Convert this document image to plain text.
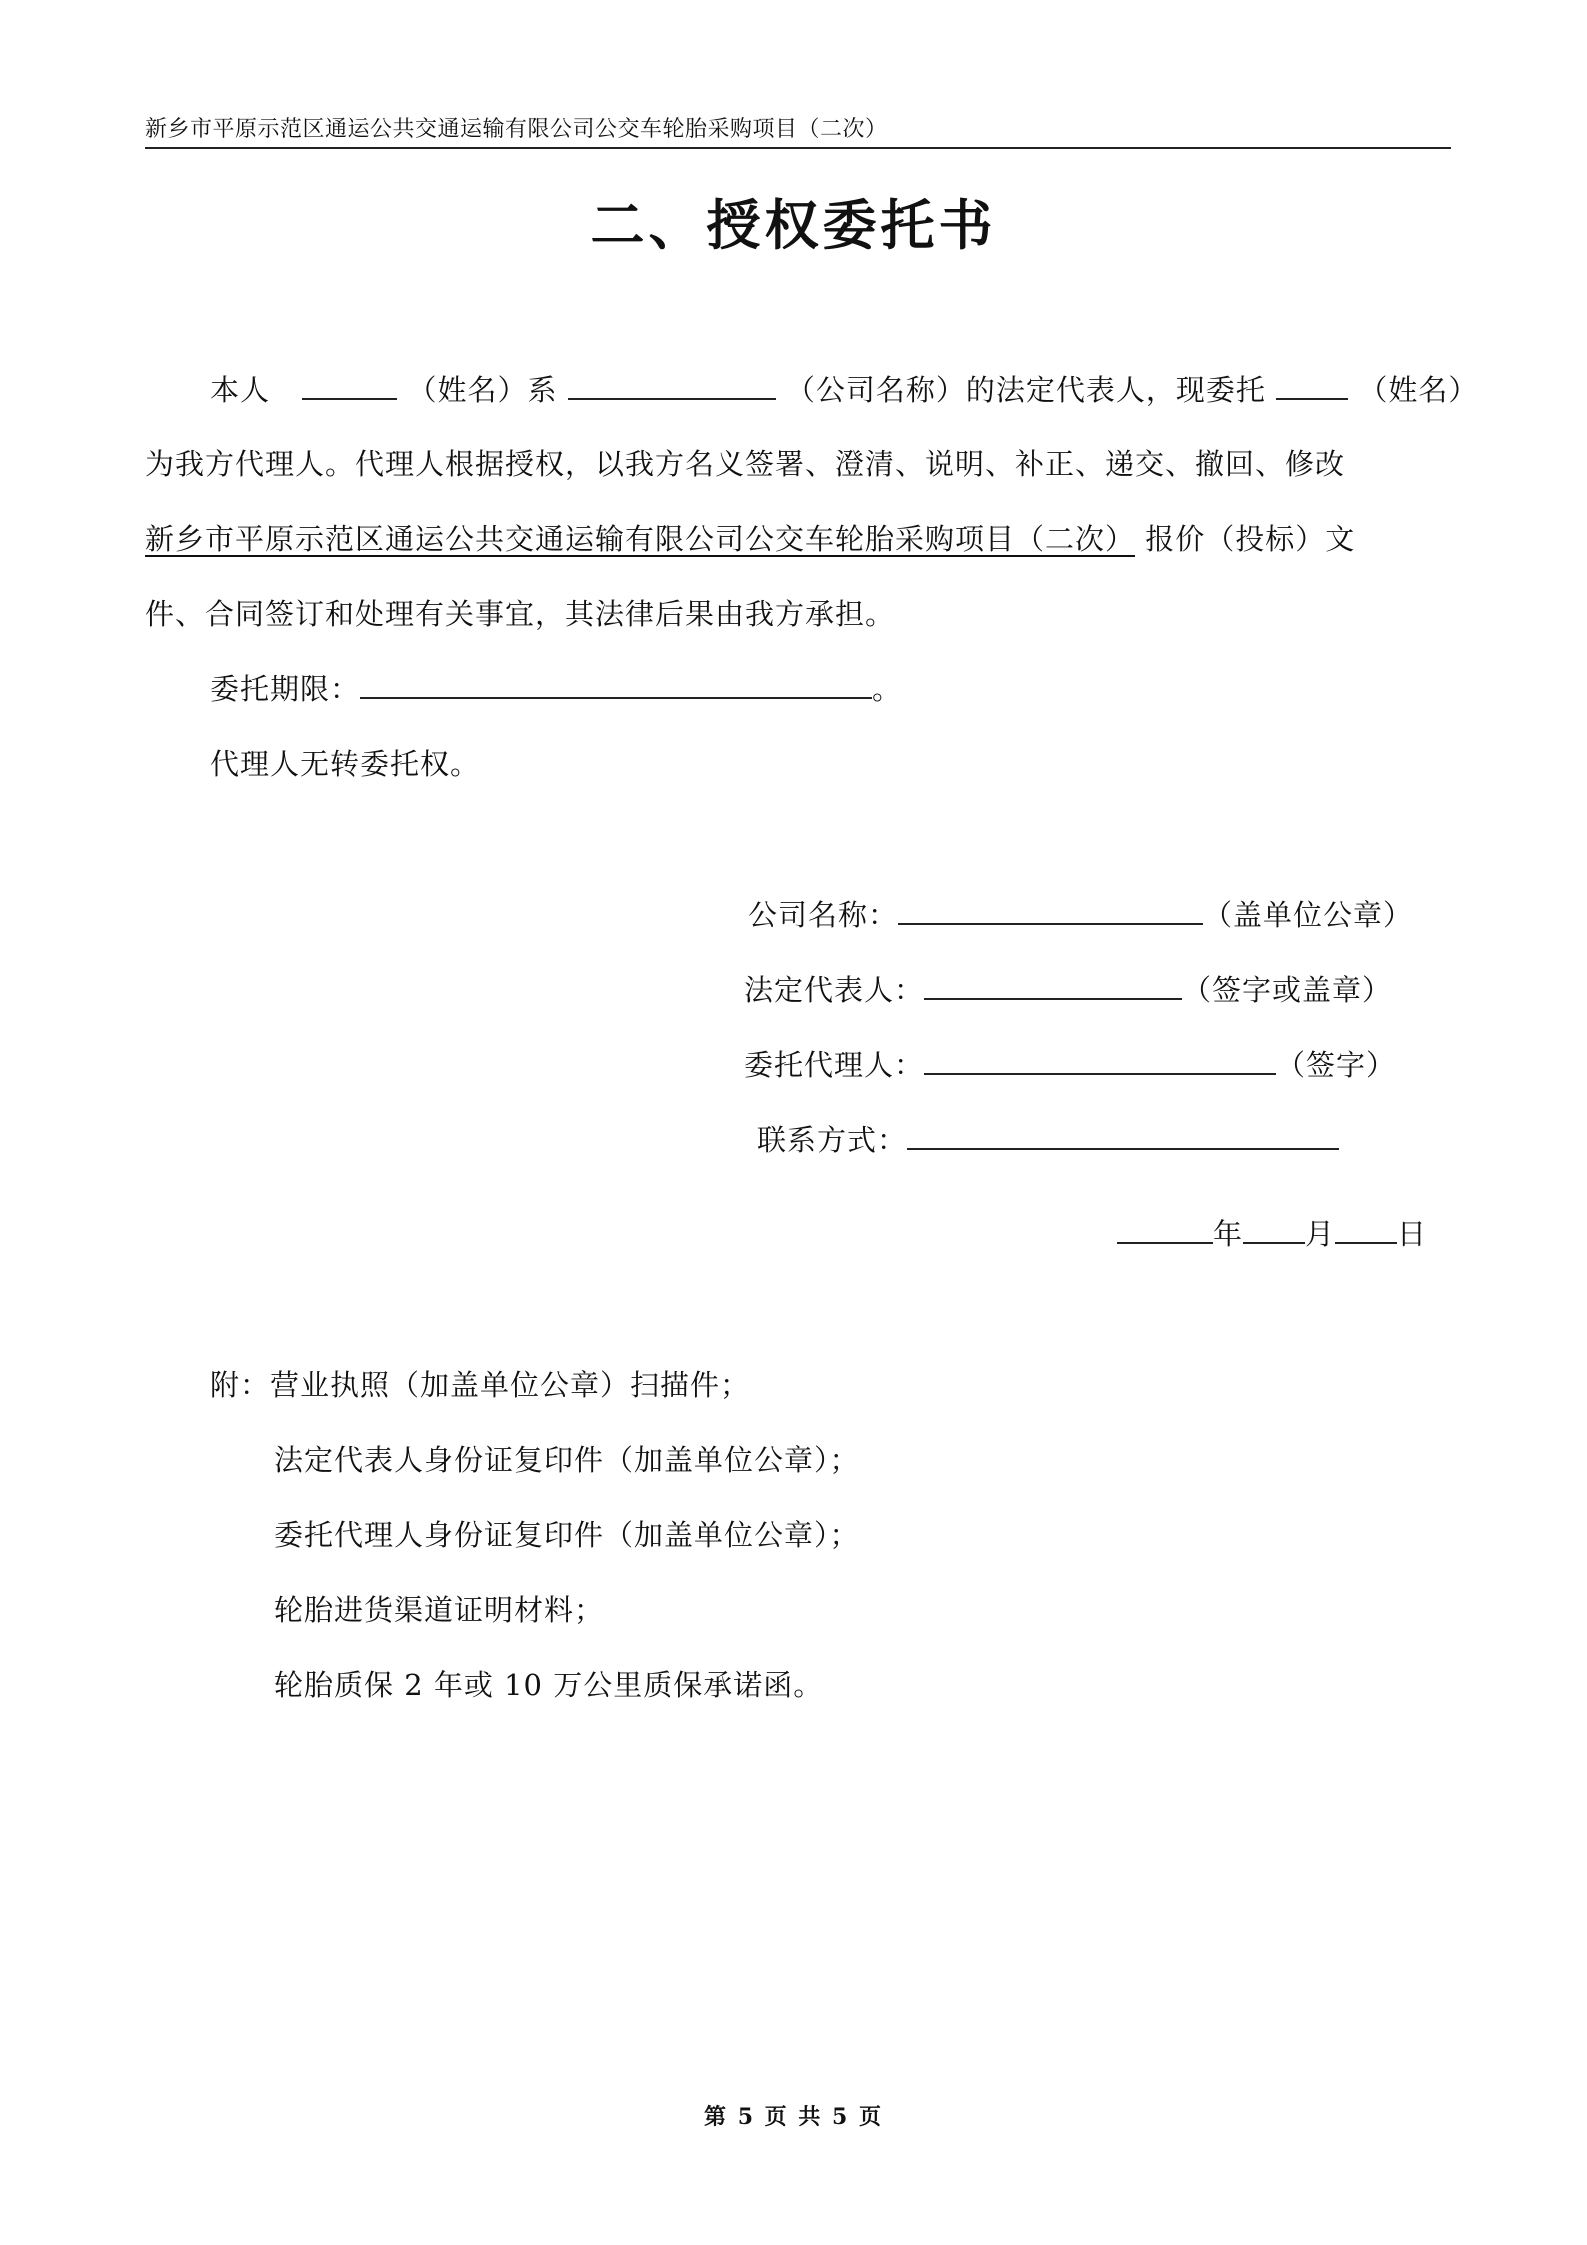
新乡市平原示范区通运公共交通运输有限公司公交车轮胎采购项目（二次）
二、授权委托书
本人	（姓名）系	（公司名称）的法定代表人，现委托	（姓名）
为我方代理人。代理人根据授权，以我方名义签署、澄清、说明、补正、递交、撤回、修改
新乡市平原示范区通运公共交通运输有限公司公交车轮胎采购项目（二次） 报价（投标）文
件、合同签订和处理有关事宜，其法律后果由我方承担。
委托期限：	。
代理人无转委托权。
公司名称：	（盖单位公章）
法定代表人：	（签字或盖章）
委托代理人：	（签字）
联系方式：
年 月 日
附：营业执照（加盖单位公章）扫描件；
法定代表人身份证复印件（加盖单位公章）；
委托代理人身份证复印件（加盖单位公章）；
轮胎进货渠道证明材料；
轮胎质保 2 年或 10 万公里质保承诺函。
第 5 页 共 5 页
